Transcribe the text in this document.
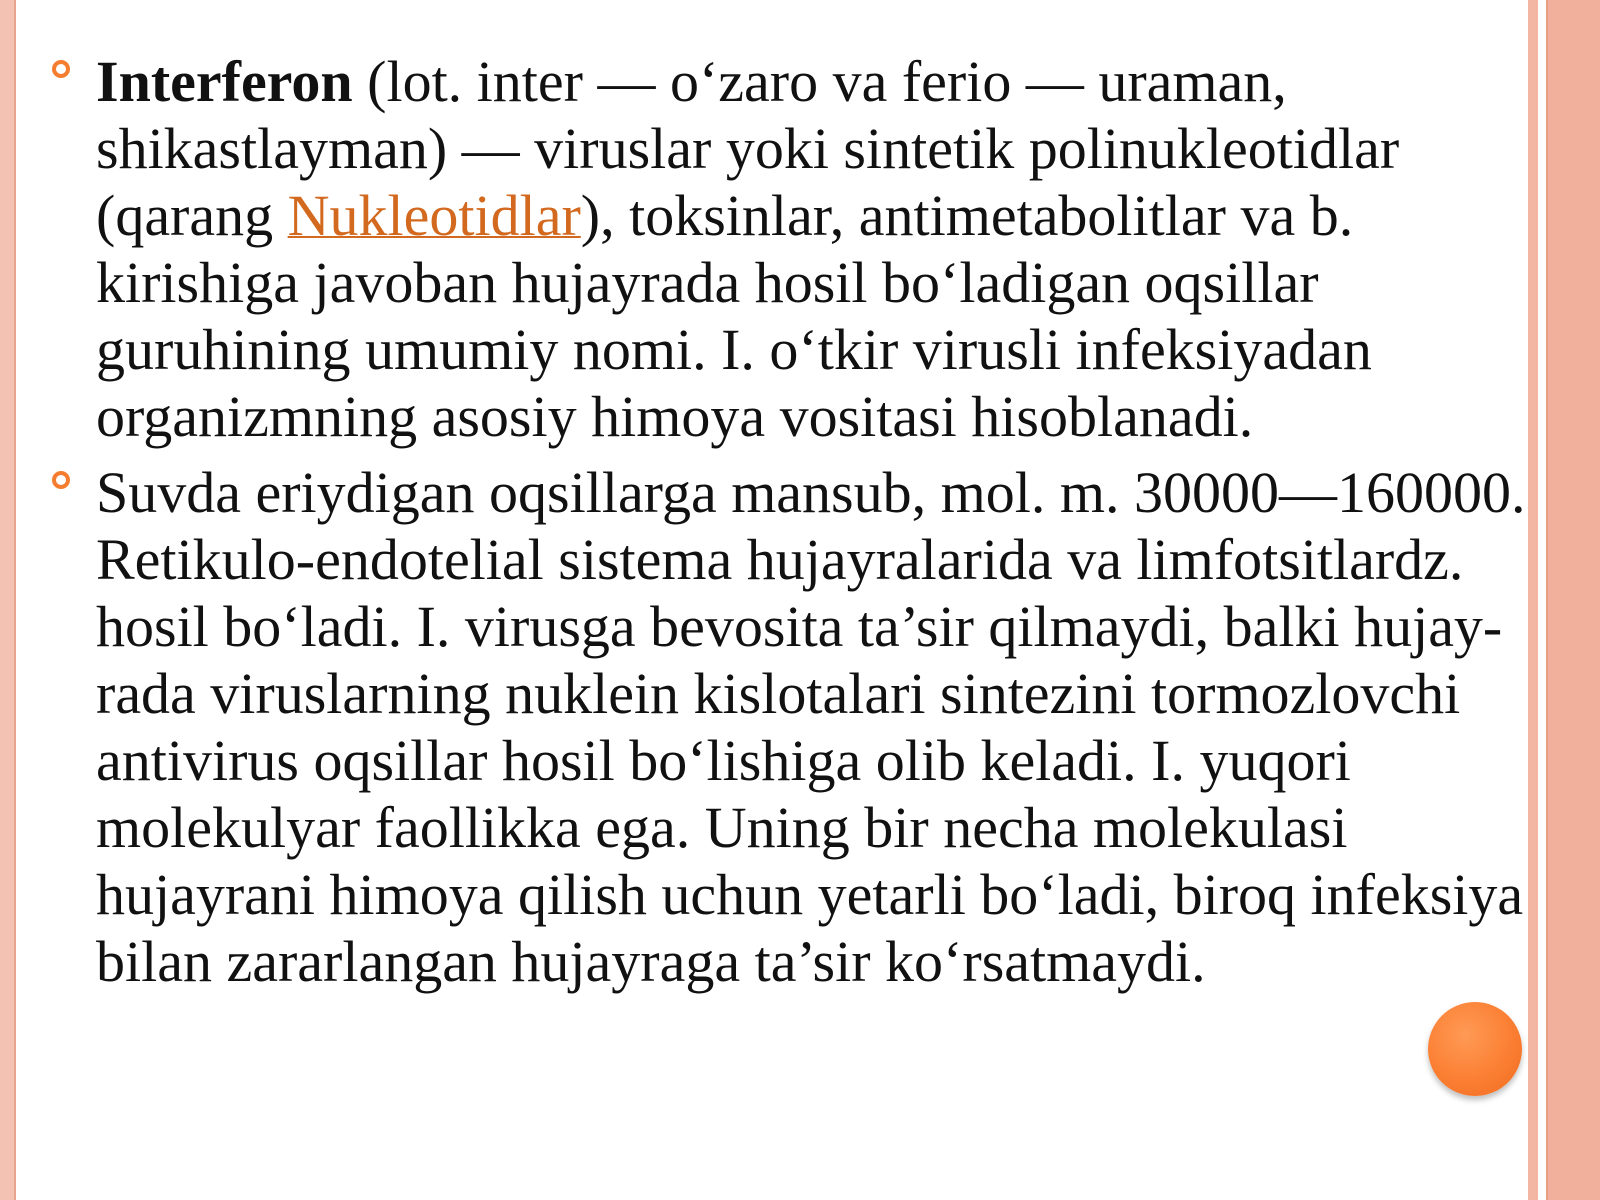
Interferon (lot. inter — oʻzaro va ferio — uraman, shikastlayman) — viruslar yoki sintetik polinukleotidlar (qarang Nukleotidlar), toksinlar, antimetabolitlar va b. kirishiga javoban hujayrada hosil boʻladigan oqsillar guruhining umumiy nomi. I. oʻtkir virusli infeksiyadan organizmning asosiy himoya vositasi hisoblanadi.
Suvda eriydigan oqsillarga mansub, mol. m. 30000—160000. Retikulo-endotelial sistema hujayralarida va limfotsitlardz. hosil boʻladi. I. virusga bevosita ta’sir qilmaydi, balki hujay-rada viruslarning nuklein kislotalari sintezini tormozlovchi antivirus oqsillar hosil boʻlishiga olib keladi. I. yuqori molekulyar faollikka ega. Uning bir necha molekulasi hujayrani himoya qilish uchun yetarli boʻladi, biroq infeksiya bilan zararlangan hujayraga ta’sir koʻrsatmaydi.
